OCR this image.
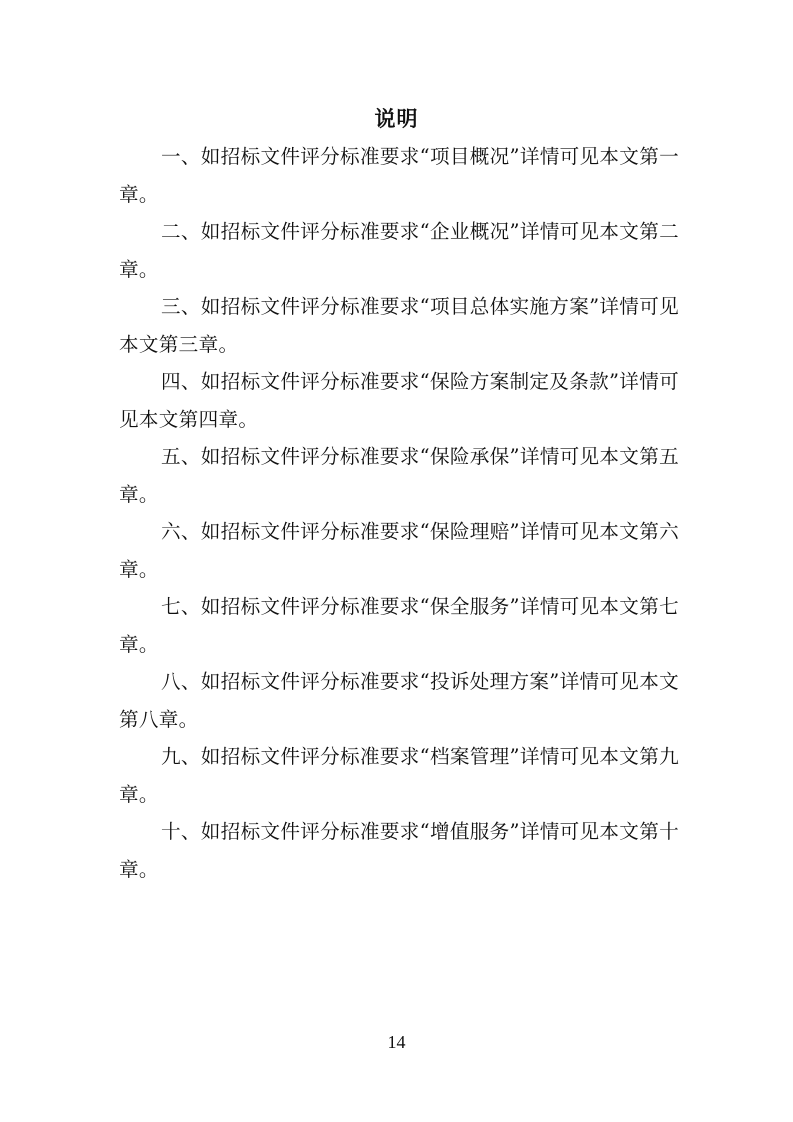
说明

一、如招标文件评分标准要求“项目概况”详情可见本文第一章。

二、如招标文件评分标准要求“企业概况”详情可见本文第二章。

三、如招标文件评分标准要求“项目总体实施方案”详情可见本文第三章。

四、如招标文件评分标准要求“保险方案制定及条款”详情可见本文第四章。

五、如招标文件评分标准要求“保险承保”详情可见本文第五章。

六、如招标文件评分标准要求“保险理赔”详情可见本文第六章。

七、如招标文件评分标准要求“保全服务”详情可见本文第七章。

八、如招标文件评分标准要求“投诉处理方案”详情可见本文第八章。

九、如招标文件评分标准要求“档案管理”详情可见本文第九章。

十、如招标文件评分标准要求“增值服务”详情可见本文第十章。

14
